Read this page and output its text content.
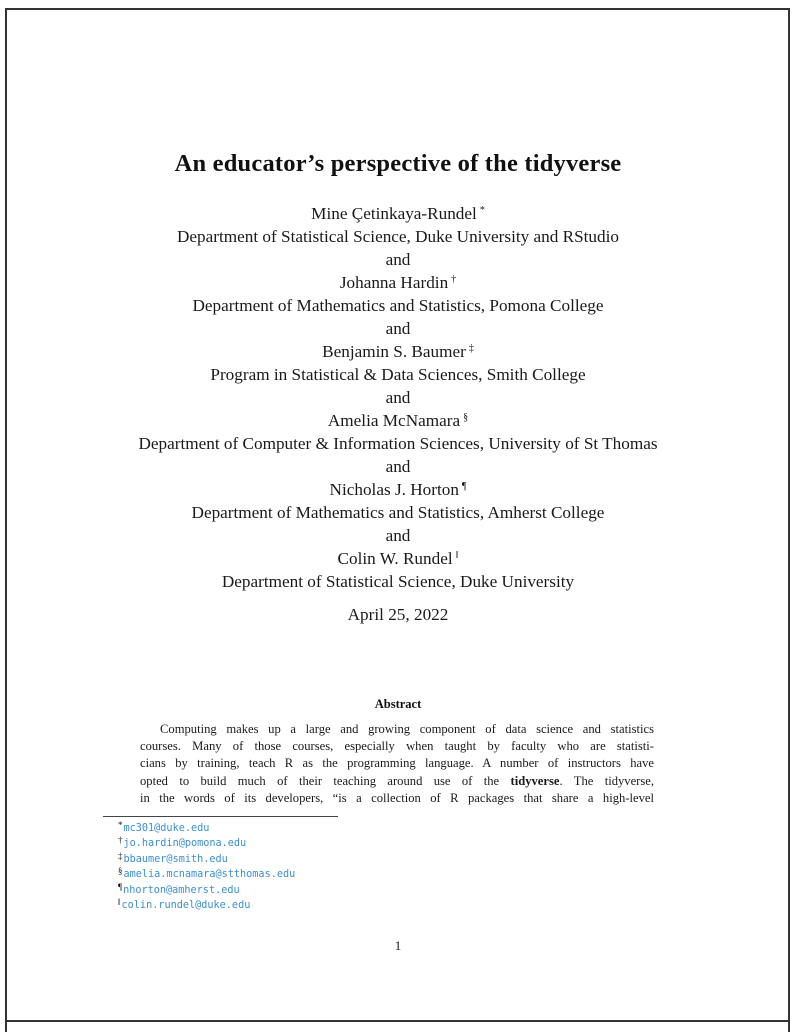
An educator’s perspective of the tidyverse
Mine Çetinkaya-Rundel *
Department of Statistical Science, Duke University and RStudio
and
Johanna Hardin †
Department of Mathematics and Statistics, Pomona College
and
Benjamin S. Baumer ‡
Program in Statistical & Data Sciences, Smith College
and
Amelia McNamara §
Department of Computer & Information Sciences, University of St Thomas
and
Nicholas J. Horton ¶
Department of Mathematics and Statistics, Amherst College
and
Colin W. Rundel ‖
Department of Statistical Science, Duke University
April 25, 2022
Abstract
Computing makes up a large and growing component of data science and statistics
courses. Many of those courses, especially when taught by faculty who are statisti-
cians by training, teach R as the programming language. A number of instructors have
opted to build much of their teaching around use of the tidyverse. The tidyverse,
in the words of its developers, “is a collection of R packages that share a high-level
*mc301@duke.edu
†jo.hardin@pomona.edu
‡bbaumer@smith.edu
§amelia.mcnamara@stthomas.edu
¶nhorton@amherst.edu
‖colin.rundel@duke.edu
1
